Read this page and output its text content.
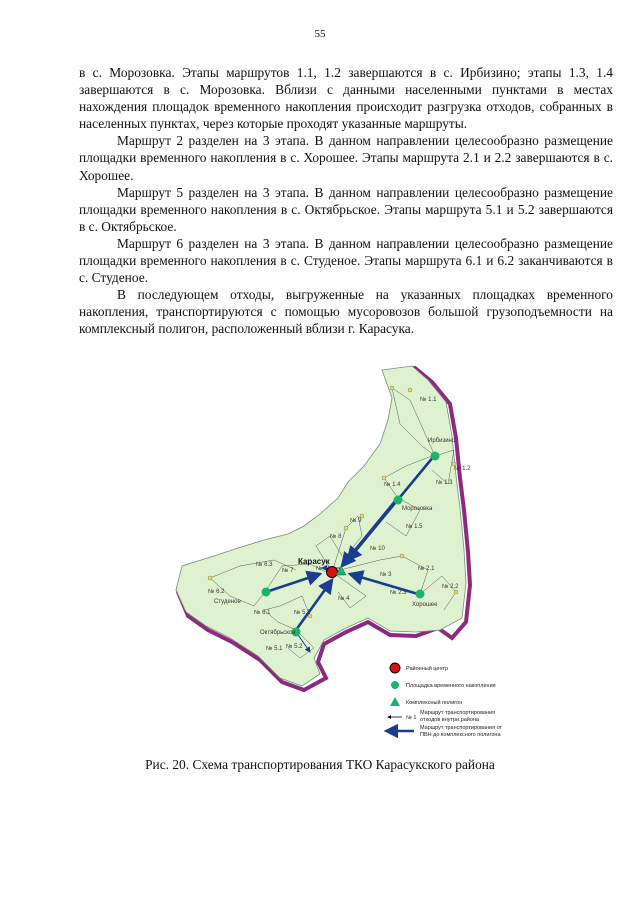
55

в с. Морозовка. Этапы маршрутов 1.1, 1.2 завершаются в с. Ирбизино; этапы 1.3, 1.4 завершаются в с. Морозовка. Вблизи с данными населенными пунктами в местах нахождения площадок временного накопления происходит разгрузка отходов, собранных в населенных пунктах, через которые проходят указанные маршруты.

Маршрут 2 разделен на 3 этапа. В данном направлении целесообразно размещение площадки временного накопления в с. Хорошее. Этапы маршрута 2.1 и 2.2 завершаются в с. Хорошее.

Маршрут 5 разделен на 3 этапа. В данном направлении целесообразно размещение площадки временного накопления в с. Октябрьское. Этапы маршрута 5.1 и 5.2 завершаются в с. Октябрьское.

Маршрут 6 разделен на 3 этапа. В данном направлении целесообразно размещение площадки временного накопления в с. Студеное. Этапы маршрута 6.1 и 6.2 заканчиваются в с. Студеное.

В последующем отходы, выгруженные на указанных площадках временного накопления, транспортируются с помощью мусоровозов большой грузоподъемности на комплексный полигон, расположенный вблизи г. Карасука.

Ирбизино
Морозовка
Хорошее
Студеное
Октябрьское
Карасук
№ 1.1
№ 1.2
№ 1.3
№ 1.4
№ 1.5
№ 2.1
№ 2.2
№ 2.3
№ 3
№ 4
№ 5.1 № 5.2
№ 5.3
№ 6.1
№ 6.2
№ 6.3
№ 7
№ 8
№ 9
№ 10
№ 11
Районный центр
Площадка временного накопления
Комплексный полигон
№ 1
Маршрут транспортирования
отходов внутри района
Маршрут транспортирования от
ПВН до комплексного полигона
Рис. 20. Схема транспортирования ТКО Карасукского района
